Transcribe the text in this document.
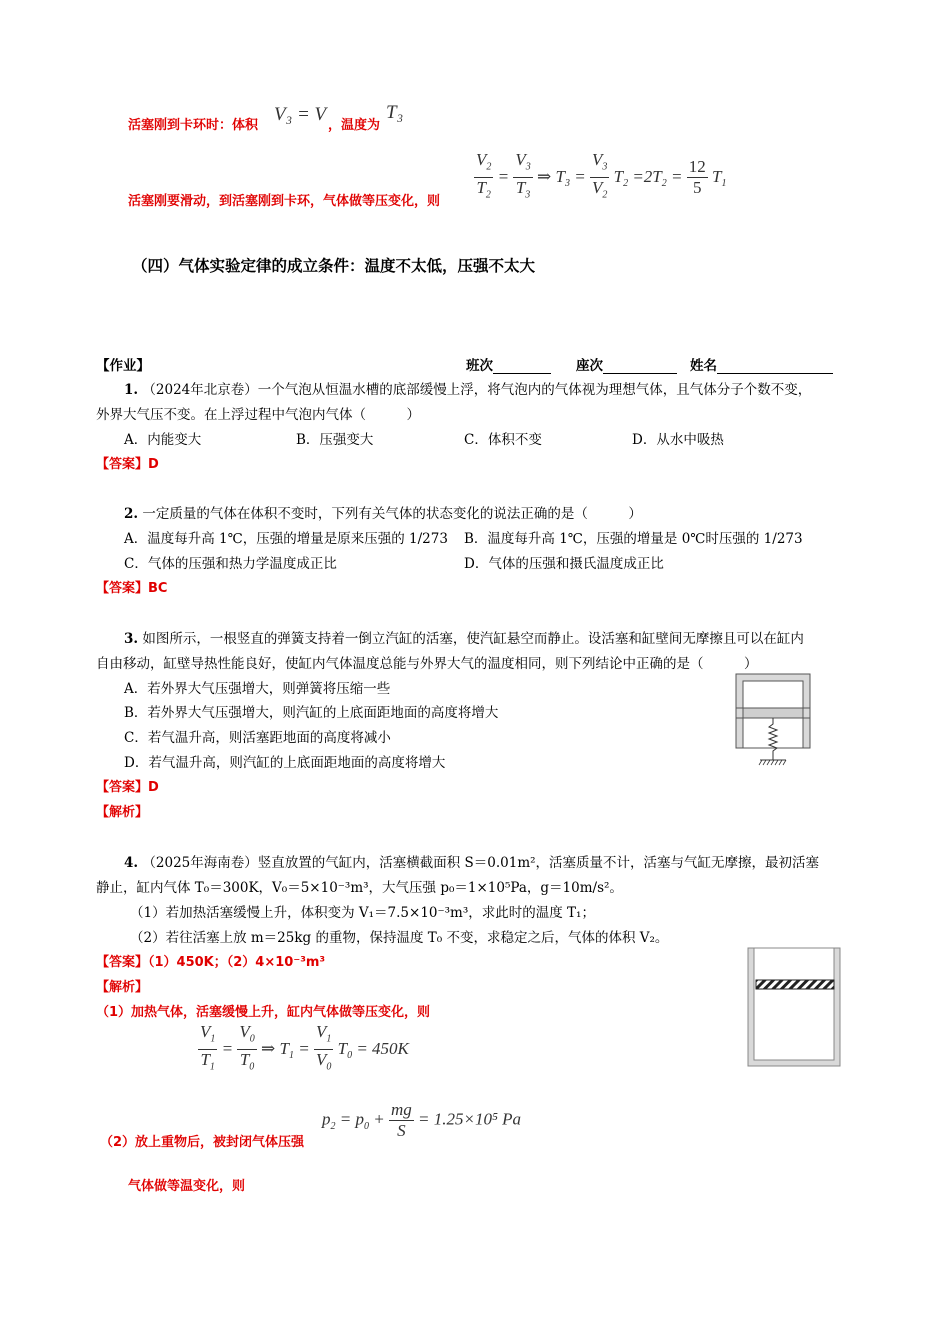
活塞刚到卡环时：体积
V₃ = V
，温度为
T₃
活塞刚要滑动，到活塞刚到卡环，气体做等压变化，则 $\frac{V_2}{T_2} = \frac{V_3}{T_3}$ ⇒ $T_3 = \frac{V_3}{V_2} T_2 =2T_2 = \frac{12}{5} T_1$
（四）气体实验定律的成立条件：温度不太低，压强不太大
【作业】	班次	座次	姓名
1. （2024年北京卷）一个气泡从恒温水槽的底部缓慢上浮，将气泡内的气体视为理想气体，且气体分子个数不变，
外界大气压不变。在上浮过程中气泡内气体（　　　）
A．内能变大	B．压强变大	C．体积不变	D．从水中吸热
【答案】D
2. 一定质量的气体在体积不变时，下列有关气体的状态变化的说法正确的是（　　　）
A．温度每升高 1℃，压强的增量是原来压强的 1/273 B．温度每升高 1℃，压强的增量是 0℃时压强的 1/273
C．气体的压强和热力学温度成正比	D．气体的压强和摄氏温度成正比
【答案】BC
3. 如图所示，一根竖直的弹簧支持着一倒立汽缸的活塞，使汽缸悬空而静止。设活塞和缸壁间无摩擦且可以在缸内
自由移动，缸壁导热性能良好，使缸内气体温度总能与外界大气的温度相同，则下列结论中正确的是（　　　）
A．若外界大气压强增大，则弹簧将压缩一些
B．若外界大气压强增大，则汽缸的上底面距地面的高度将增大
C．若气温升高，则活塞距地面的高度将减小
D．若气温升高，则汽缸的上底面距地面的高度将增大
【答案】D
【解析】
4. （2025年海南卷）竖直放置的气缸内，活塞横截面积 S＝0.01m²，活塞质量不计，活塞与气缸无摩擦，最初活塞
静止，缸内气体 T₀＝300K，V₀＝5×10⁻³m³，大气压强 p₀＝1×10⁵Pa，g＝10m/s²。
（1）若加热活塞缓慢上升，体积变为 V₁＝7.5×10⁻³m³，求此时的温度 T₁；
（2）若往活塞上放 m＝25kg 的重物，保持温度 T₀ 不变，求稳定之后，气体的体积 V₂。
【答案】（1）450K；（2）4×10⁻³m³
【解析】
（1）加热气体，活塞缓慢上升，缸内气体做等压变化，则
$\frac{V_1}{T_1} = \frac{V_0}{T_0}$ ⇒ $T_1 = \frac{V_1}{V_0} T_0 = 450K$
$p_2 = p_0 + \frac{mg}{S} = 1.25\times 10^5$ Pa
（2）放上重物后，被封闭气体压强
气体做等温变化，则
